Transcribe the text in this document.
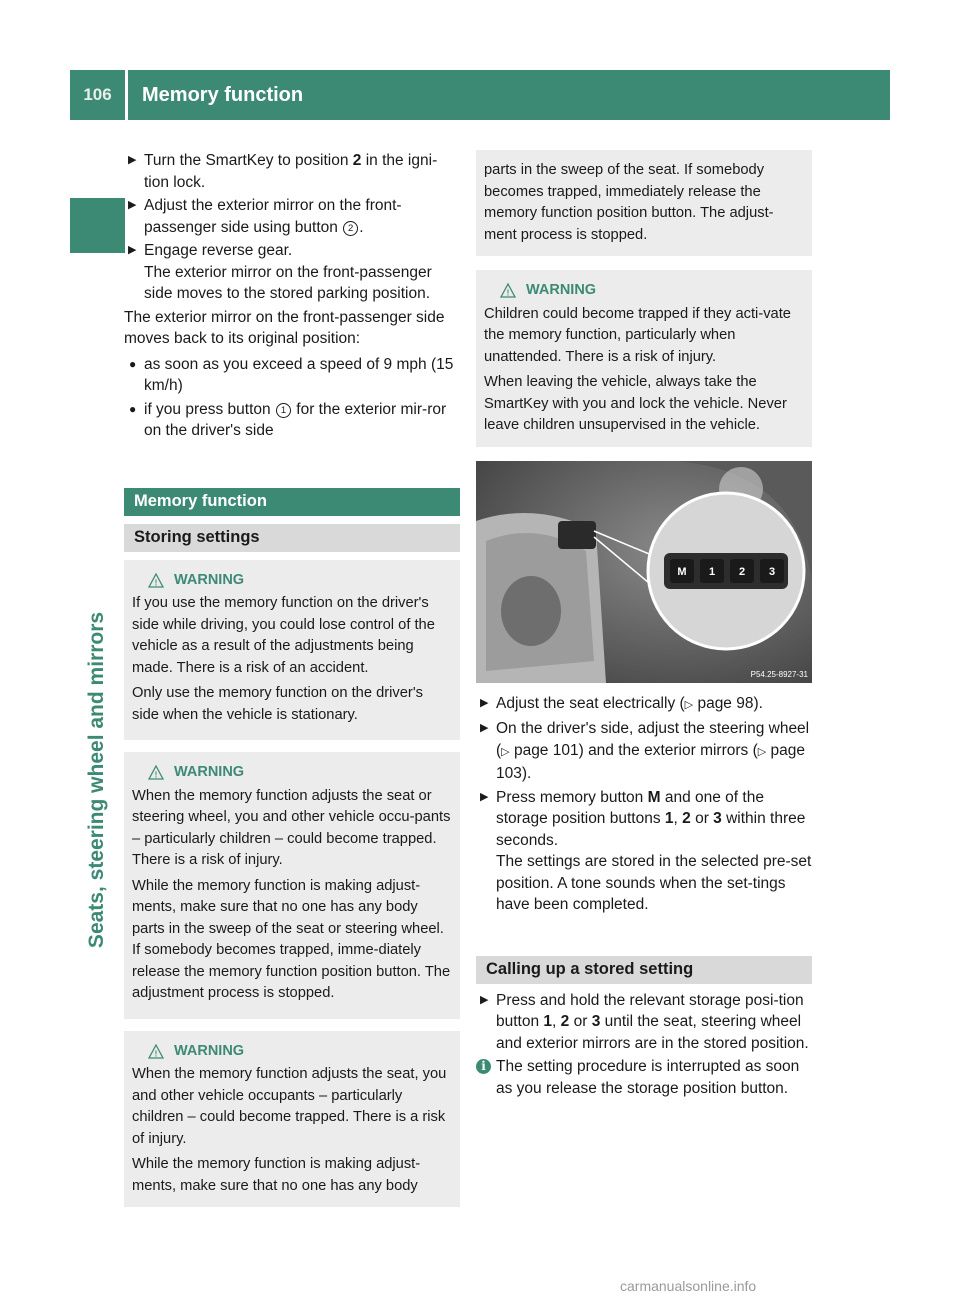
106	Memory function
Seats, steering wheel and mirrors
▶ Turn the SmartKey to position 2 in the igni-tion lock.
▶ Adjust the exterior mirror on the front-passenger side using button 2 .
▶ Engage reverse gear.
The exterior mirror on the front-passenger side moves to the stored parking position.
The exterior mirror on the front-passenger side moves back to its original position:
● as soon as you exceed a speed of 9 mph (15 km/h)
● if you press button 1 for the exterior mir-ror on the driver's side
Memory function
Storing settings
! WARNING

If you use the memory function on the driver's side while driving, you could lose control of the vehicle as a result of the adjustments being made. There is a risk of an accident.

Only use the memory function on the driver's side when the vehicle is stationary.

! WARNING

When the memory function adjusts the seat or steering wheel, you and other vehicle occu-pants – particularly children – could become trapped. There is a risk of injury.

While the memory function is making adjust-ments, make sure that no one has any body parts in the sweep of the seat or steering wheel. If somebody becomes trapped, imme-diately release the memory function position button. The adjustment process is stopped.

! WARNING

When the memory function adjusts the seat, you and other vehicle occupants – particularly children – could become trapped. There is a risk of injury.

While the memory function is making adjust-ments, make sure that no one has any body

parts in the sweep of the seat. If somebody becomes trapped, immediately release the memory function position button. The adjust-ment process is stopped.

! WARNING

Children could become trapped if they acti-vate the memory function, particularly when unattended. There is a risk of injury.

When leaving the vehicle, always take the SmartKey with you and lock the vehicle. Never leave children unsupervised in the vehicle.

M 1 2 3
P54.25-8927-31
▶ Adjust the seat electrically (▷ page 98).
▶ On the driver's side, adjust the steering wheel (▷ page 101) and the exterior mirrors (▷ page 103).
▶ Press memory button M and one of the storage position buttons 1, 2 or 3 within three seconds.
The settings are stored in the selected pre-set position. A tone sounds when the set-tings have been completed.
Calling up a stored setting
▶ Press and hold the relevant storage posi-tion button 1, 2 or 3 until the seat, steering wheel and exterior mirrors are in the stored position.
i The setting procedure is interrupted as soon as you release the storage position button.
carmanualsonline.info
